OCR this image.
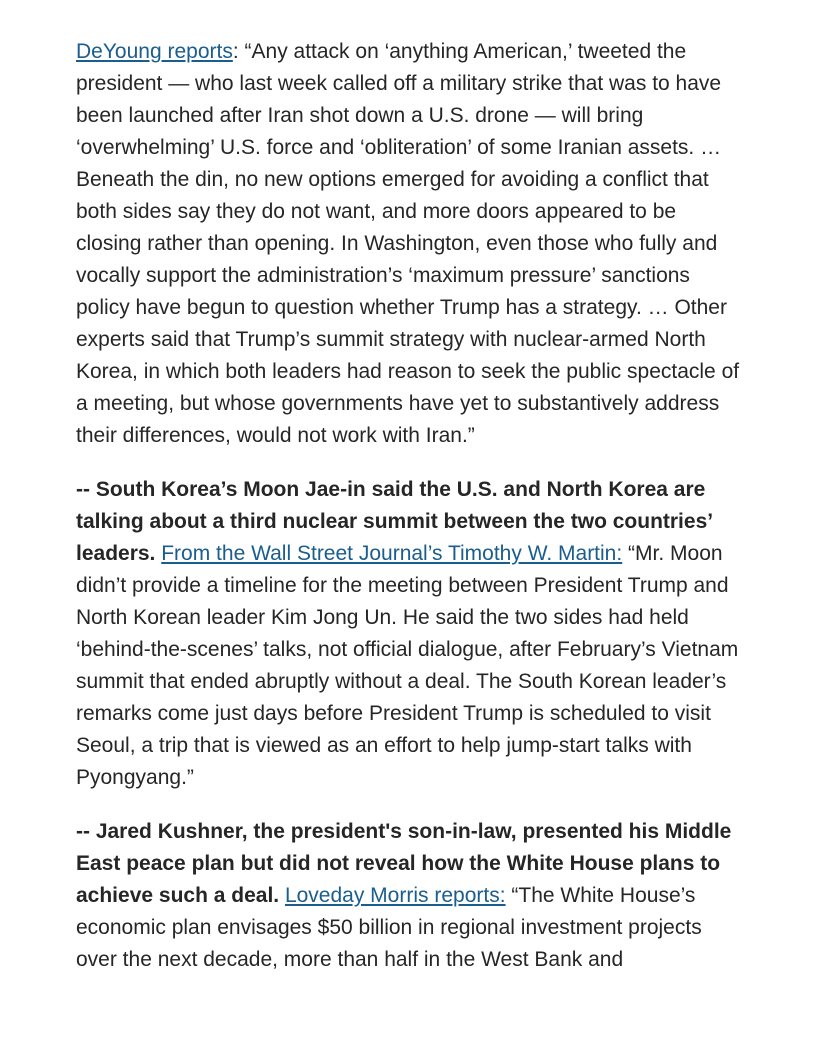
DeYoung reports: “Any attack on ‘anything American,’ tweeted the president — who last week called off a military strike that was to have been launched after Iran shot down a U.S. drone — will bring ‘overwhelming’ U.S. force and ‘obliteration’ of some Iranian assets. … Beneath the din, no new options emerged for avoiding a conflict that both sides say they do not want, and more doors appeared to be closing rather than opening. In Washington, even those who fully and vocally support the administration’s ‘maximum pressure’ sanctions policy have begun to question whether Trump has a strategy. … Other experts said that Trump’s summit strategy with nuclear-armed North Korea, in which both leaders had reason to seek the public spectacle of a meeting, but whose governments have yet to substantively address their differences, would not work with Iran.”

-- South Korea’s Moon Jae-in said the U.S. and North Korea are talking about a third nuclear summit between the two countries’ leaders. From the Wall Street Journal’s Timothy W. Martin: “Mr. Moon didn’t provide a timeline for the meeting between President Trump and North Korean leader Kim Jong Un. He said the two sides had held ‘behind-the-scenes’ talks, not official dialogue, after February’s Vietnam summit that ended abruptly without a deal. The South Korean leader’s remarks come just days before President Trump is scheduled to visit Seoul, a trip that is viewed as an effort to help jump-start talks with Pyongyang.”

-- Jared Kushner, the president's son-in-law, presented his Middle East peace plan but did not reveal how the White House plans to achieve such a deal. Loveday Morris reports: “The White House’s economic plan envisages $50 billion in regional investment projects over the next decade, more than half in the West Bank and
